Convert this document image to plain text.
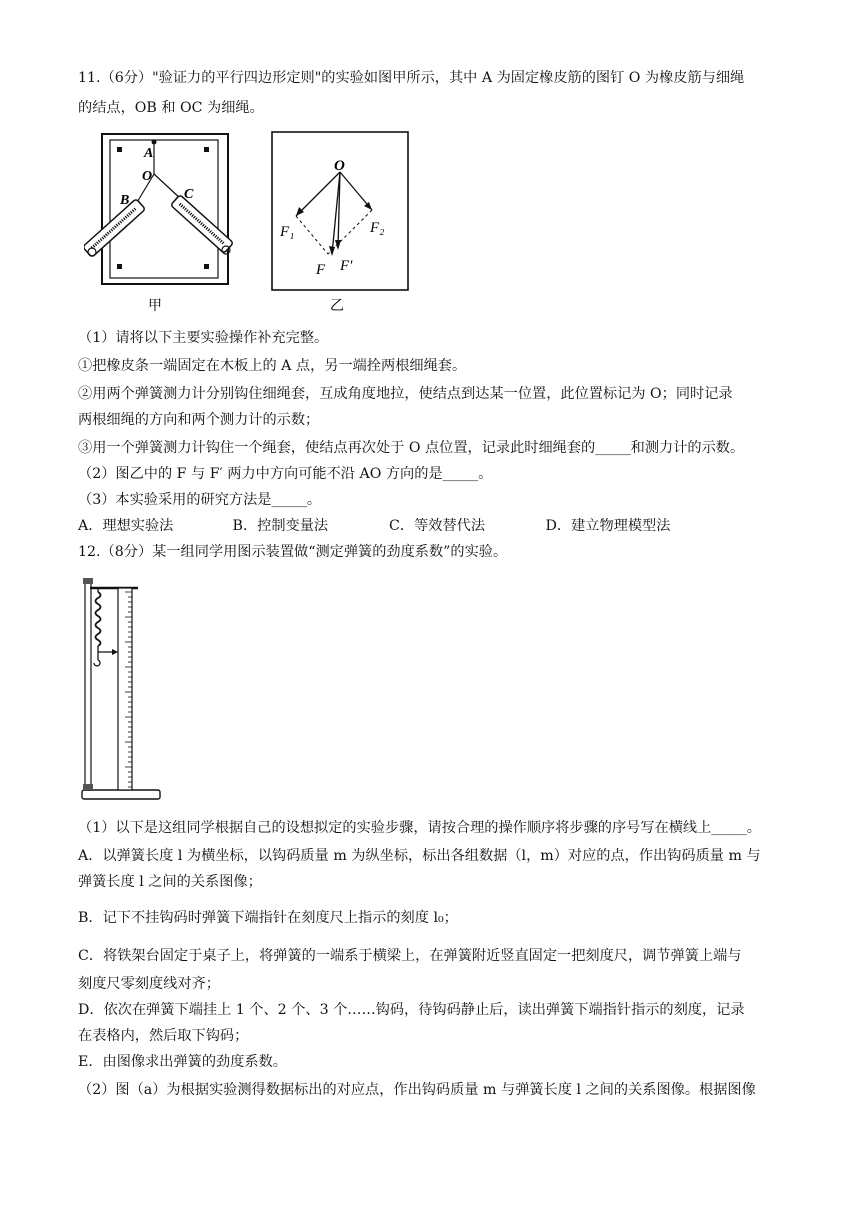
11.（6分）"验证力的平行四边形定则"的实验如图甲所示，其中 A 为固定橡皮筋的图钉 O 为橡皮筋与细绳
的结点，OB 和 OC 为细绳。
A
O
B	C
甲
O
F₁	F₂
F F′
乙
（1）请将以下主要实验操作补充完整。
①把橡皮条一端固定在木板上的 A 点，另一端拴两根细绳套。
②用两个弹簧测力计分别钩住细绳套，互成角度地拉，使结点到达某一位置，此位置标记为 O；同时记录
两根细绳的方向和两个测力计的示数；
③用一个弹簧测力计钩住一个绳套，使结点再次处于 O 点位置，记录此时细绳套的_____和测力计的示数。
（2）图乙中的 F 与 F′ 两力中方向可能不沿 AO 方向的是_____。
（3）本实验采用的研究方法是_____。
A．理想实验法	B．控制变量法	C．等效替代法	D．建立物理模型法
12.（8分）某一组同学用图示装置做“测定弹簧的劲度系数”的实验。
（1）以下是这组同学根据自己的设想拟定的实验步骤，请按合理的操作顺序将步骤的序号写在横线上_____。
A．以弹簧长度 l 为横坐标，以钩码质量 m 为纵坐标，标出各组数据（l，m）对应的点，作出钩码质量 m 与
弹簧长度 l 之间的关系图像；
B．记下不挂钩码时弹簧下端指针在刻度尺上指示的刻度 l₀；
C．将铁架台固定于桌子上，将弹簧的一端系于横梁上，在弹簧附近竖直固定一把刻度尺，调节弹簧上端与
刻度尺零刻度线对齐；
D．依次在弹簧下端挂上 1 个、2 个、3 个……钩码，待钩码静止后，读出弹簧下端指针指示的刻度，记录
在表格内，然后取下钩码；
E．由图像求出弹簧的劲度系数。
（2）图（a）为根据实验测得数据标出的对应点，作出钩码质量 m 与弹簧长度 l 之间的关系图像。根据图像
